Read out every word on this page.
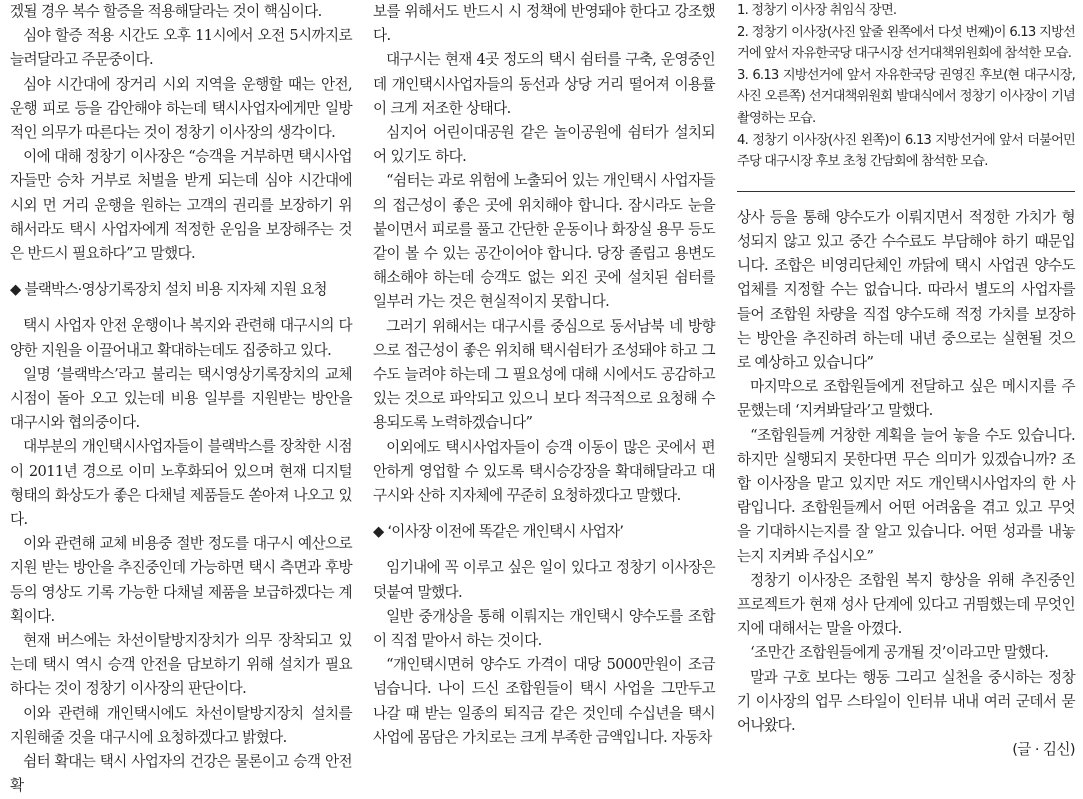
겠될 경우 복수 할증을 적용해달라는 것이 핵심이다.

심야 할증 적용 시간도 오후 11시에서 오전 5시까지로 늘려달라고 주문중이다.

심야 시간대에 장거리 시외 지역을 운행할 때는 안전, 운행 피로 등을 감안해야 하는데 택시사업자에게만 일방적인 의무가 따른다는 것이 정창기 이사장의 생각이다.

이에 대해 정창기 이사장은 “승객을 거부하면 택시사업자들만 승차 거부로 처벌을 받게 되는데 심야 시간대에 시외 먼 거리 운행을 원하는 고객의 권리를 보장하기 위해서라도 택시 사업자에게 적정한 운임을 보장해주는 것은 반드시 필요하다”고 말했다.

◆ 블랙박스·영상기록장치 설치 비용 지자체 지원 요청

택시 사업자 안전 운행이나 복지와 관련해 대구시의 다양한 지원을 이끌어내고 확대하는데도 집중하고 있다.

일명 ‘블랙박스’라고 불리는 택시영상기록장치의 교체시점이 돌아 오고 있는데 비용 일부를 지원받는 방안을 대구시와 협의중이다.

대부분의 개인택시사업자들이 블랙박스를 장착한 시점이 2011년 경으로 이미 노후화되어 있으며 현재 디지털 형태의 화상도가 좋은 다채널 제품들도 쏟아져 나오고 있다.

이와 관련해 교체 비용중 절반 정도를 대구시 예산으로 지원 받는 방안을 추진중인데 가능하면 택시 측면과 후방 등의 영상도 기록 가능한 다채널 제품을 보급하겠다는 계획이다.

현재 버스에는 차선이탈방지장치가 의무 장착되고 있는데 택시 역시 승객 안전을 담보하기 위해 설치가 필요하다는 것이 정창기 이사장의 판단이다.

이와 관련해 개인택시에도 차선이탈방지장치 설치를 지원해줄 것을 대구시에 요청하겠다고 밝혔다.

쉼터 확대는 택시 사업자의 건강은 물론이고 승객 안전 확

보를 위해서도 반드시 시 정책에 반영돼야 한다고 강조했다.

대구시는 현재 4곳 정도의 택시 쉼터를 구축, 운영중인데 개인택시사업자들의 동선과 상당 거리 떨어져 이용률이 크게 저조한 상태다.

심지어 어린이대공원 같은 놀이공원에 쉼터가 설치되어 있기도 하다.

“쉼터는 과로 위험에 노출되어 있는 개인택시 사업자들의 접근성이 좋은 곳에 위치해야 합니다. 잠시라도 눈을 붙이면서 피로를 풀고 간단한 운동이나 화장실 용무 등도 같이 볼 수 있는 공간이어야 합니다. 당장 졸립고 용변도 해소해야 하는데 승객도 없는 외진 곳에 설치된 쉼터를 일부러 가는 것은 현실적이지 못합니다.

그러기 위해서는 대구시를 중심으로 동서남북 네 방향으로 접근성이 좋은 위치해 택시쉼터가 조성돼야 하고 그 수도 늘려야 하는데 그 필요성에 대해 시에서도 공감하고 있는 것으로 파악되고 있으니 보다 적극적으로 요청해 수용되도록 노력하겠습니다”

이외에도 택시사업자들이 승객 이동이 많은 곳에서 편안하게 영업할 수 있도록 택시승강장을 확대해달라고 대구시와 산하 지자체에 꾸준히 요청하겠다고 말했다.

◆ ‘이사장 이전에 똑같은 개인택시 사업자’

임기내에 꼭 이루고 싶은 일이 있다고 정창기 이사장은 덧붙여 말했다.

일반 중개상을 통해 이뤄지는 개인택시 양수도를 조합이 직접 맡아서 하는 것이다.

“개인택시면허 양수도 가격이 대당 5000만원이 조금 넘습니다. 나이 드신 조합원들이 택시 사업을 그만두고 나갈 때 받는 일종의 퇴직금 같은 것인데 수십년을 택시 사업에 몸담은 가치로는 크게 부족한 금액입니다. 자동차

1. 정창기 이사장 취임식 장면.

2. 정창기 이사장(사진 앞줄 왼쪽에서 다섯 번째)이 6.13 지방선거에 앞서 자유한국당 대구시장 선거대책위원회에 참석한 모습.

3. 6.13 지방선거에 앞서 자유한국당 권영진 후보(현 대구시장, 사진 오른쪽) 선거대책위원회 발대식에서 정창기 이사장이 기념촬영하는 모습.

4. 정창기 이사장(사진 왼쪽)이 6.13 지방선거에 앞서 더불어민주당 대구시장 후보 초청 간담회에 참석한 모습.

상사 등을 통해 양수도가 이뤄지면서 적정한 가치가 형성되지 않고 있고 중간 수수료도 부담해야 하기 때문입니다. 조합은 비영리단체인 까닭에 택시 사업권 양수도 업체를 지정할 수는 없습니다. 따라서 별도의 사업자를 들어 조합원 차량을 직접 양수도해 적정 가치를 보장하는 방안을 추진하려 하는데 내년 중으로는 실현될 것으로 예상하고 있습니다”

마지막으로 조합원들에게 전달하고 싶은 메시지를 주문했는데 ‘지켜봐달라’고 말했다.

“조합원들께 거창한 계획을 늘어 놓을 수도 있습니다. 하지만 실행되지 못한다면 무슨 의미가 있겠습니까? 조합 이사장을 맡고 있지만 저도 개인택시사업자의 한 사람입니다. 조합원들께서 어떤 어려움을 겪고 있고 무엇을 기대하시는지를 잘 알고 있습니다. 어떤 성과를 내놓는지 지켜봐 주십시오”

정창기 이사장은 조합원 복지 향상을 위해 추진중인 프로젝트가 현재 성사 단계에 있다고 귀띔했는데 무엇인지에 대해서는 말을 아꼈다.

‘조만간 조합원들에게 공개될 것’이라고만 말했다.

말과 구호 보다는 행동 그리고 실천을 중시하는 정창기 이사장의 업무 스타일이 인터뷰 내내 여러 군데서 묻어나왔다.

(글 · 김신)
